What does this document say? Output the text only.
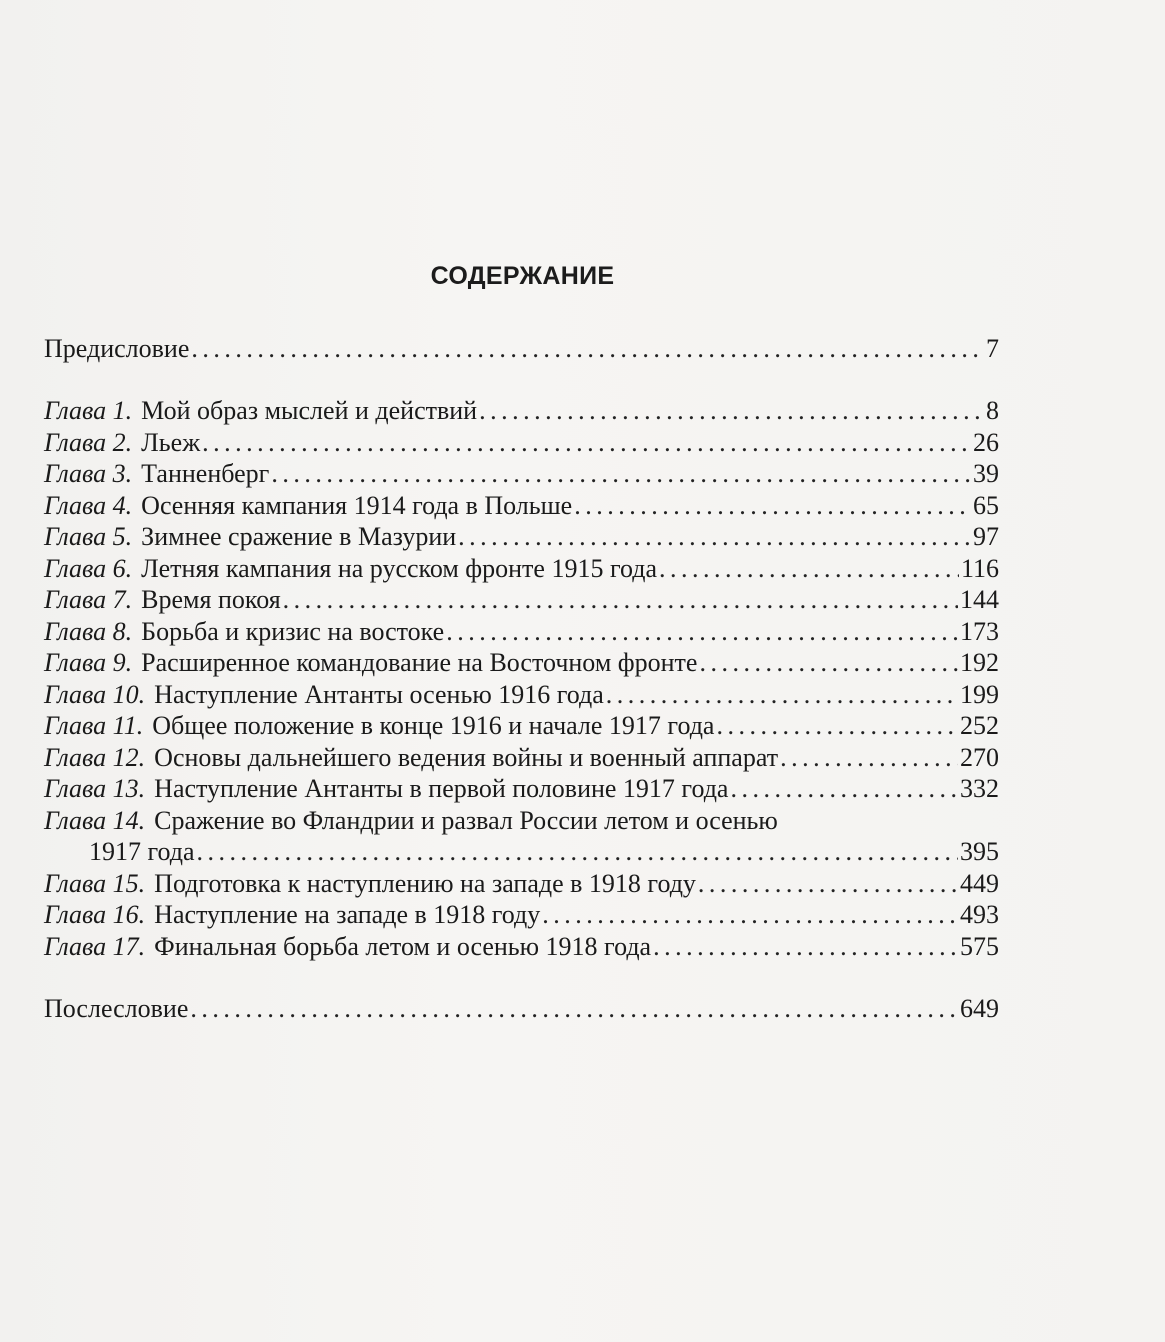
СОДЕРЖАНИЕ
Предисловие . . .	7
Глава 1. Мой образ мыслей и действий . . .	8
Глава 2. Льеж . . .	26
Глава 3. Танненберг . . .	39
Глава 4. Осенняя кампания 1914 года в Польше . . .	65
Глава 5. Зимнее сражение в Мазурии . . .	97
Глава 6. Летняя кампания на русском фронте 1915 года . . .	116
Глава 7. Время покоя . . .	144
Глава 8. Борьба и кризис на востоке . . .	173
Глава 9. Расширенное командование на Восточном фронте . . .	192
Глава 10. Наступление Антанты осенью 1916 года . . .	199
Глава 11. Общее положение в конце 1916 и начале 1917 года . . .	252
Глава 12. Основы дальнейшего ведения войны и военный аппарат . . .	270
Глава 13. Наступление Антанты в первой половине 1917 года . . .	332
Глава 14. Сражение во Фландрии и развал России летом и осенью
1917 года . . .	395
Глава 15. Подготовка к наступлению на западе в 1918 году . . .	449
Глава 16. Наступление на западе в 1918 году . . .	493
Глава 17. Финальная борьба летом и осенью 1918 года . . .	575
Послесловие . . .	649
